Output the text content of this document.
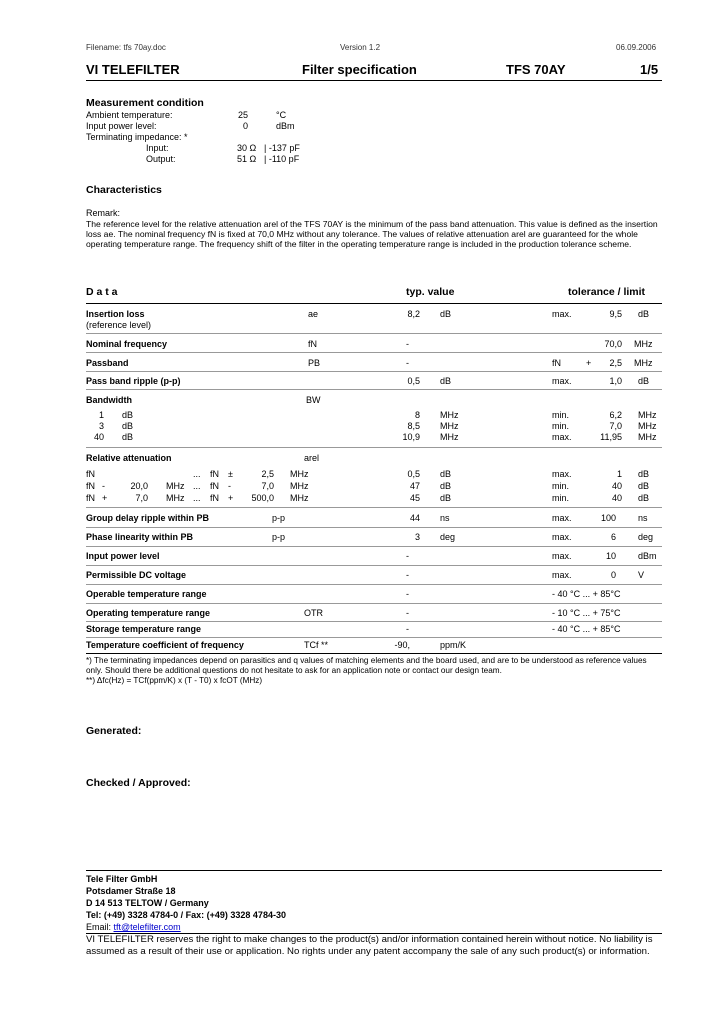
Filename: tfs 70ay.doc	Version 1.2	06.09.2006
VI TELEFILTER	Filter specification	TFS 70AY	1/5
Measurement condition
Ambient temperature:	25	°C
Input power level:	0	dBm
Terminating impedance: *
Input:	30 Ω | -137 pF
Output:	51 Ω | -110 pF
Characteristics
Remark:
The reference level for the relative attenuation arel of the TFS 70AY is the minimum of the pass band attenuation. This value is defined as the insertion loss ae. The nominal frequency fN is fixed at 70,0 MHz without any tolerance. The values of relative attenuation arel are guaranteed for the whole operating temperature range. The frequency shift of the filter in the operating temperature range is included in the production tolerance scheme.
D a t a	typ. value	tolerance / limit
Insertion loss
(reference level)
ae	8,2 dB	max.	9,5 dB
Nominal frequency	fN	-	70,0 MHz
Passband	PB	-	fN	+	2,5 MHz
Pass band ripple (p-p)	0,5 dB	max.	1,0 dB
Bandwidth	BW
1 dB	8 MHz	min.	6,2 MHz
3 dB	8,5 MHz	min.	7,0 MHz
40 dB	10,9 MHz	max.	11,95 MHz
Relative attenuation	arel
fN	... fN ±	2,5 MHz	0,5 dB	max.	1 dB
fN -	20,0 MHz ... fN -	7,0 MHz	47 dB	min.	40 dB
fN +	7,0 MHz ... fN +	500,0 MHz	45 dB	min.	40 dB
Group delay ripple within PB	p-p	44 ns	max.	100 ns
Phase linearity within PB	p-p	3 deg	max.	6 deg
Input power level	-	max.	10 dBm
Permissible DC voltage	-	max.	0 V
Operable temperature range	-	- 40 °C ... + 85°C
Operating temperature range	OTR	-	- 10 °C ... + 75°C
Storage temperature range	-	- 40 °C ... + 85°C
Temperature coefficient of frequency	TCf **	-90,	ppm/K
*) The terminating impedances depend on parasitics and q values of matching elements and the board used, and are to be understood as reference values only. Should there be additional questions do not hesitate to ask for an application note or contact our design team.
**) Δfc(Hz) = TCf(ppm/K) x (T - T0) x fcOT (MHz)
Generated:
Checked / Approved:
Tele Filter GmbH
Potsdamer Straße 18
D 14 513 TELTOW / Germany
Tel: (+49) 3328 4784-0 / Fax: (+49) 3328 4784-30
Email: tft@telefilter.com
VI TELEFILTER reserves the right to make changes to the product(s) and/or information contained herein without notice. No liability is assumed as a result of their use or application. No rights under any patent accompany the sale of any such product(s) or information.
